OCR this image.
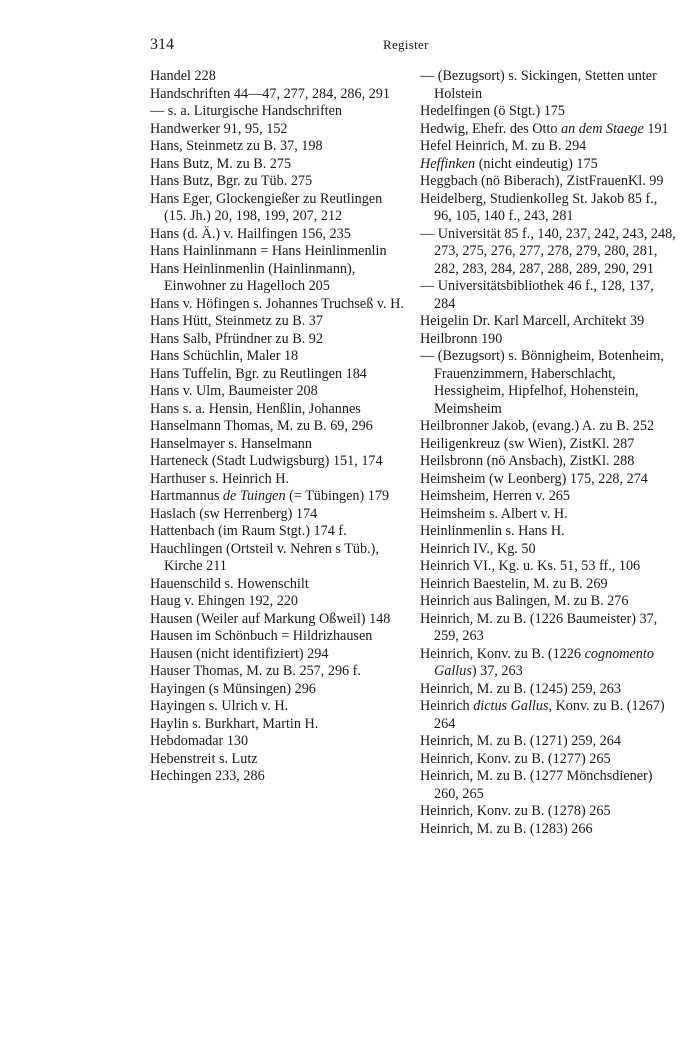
314	Register
Handel 228
Handschriften 44—47, 277, 284, 286, 291
— s. a. Liturgische Handschriften
Handwerker 91, 95, 152
Hans, Steinmetz zu B. 37, 198
Hans Butz, M. zu B. 275
Hans Butz, Bgr. zu Tüb. 275
Hans Eger, Glockengießer zu Reutlingen (15. Jh.) 20, 198, 199, 207, 212
Hans (d. Ä.) v. Hailfingen 156, 235
Hans Hainlinmann = Hans Heinlinmenlin
Hans Heinlinmenlin (Hainlinmann), Einwohner zu Hagelloch 205
Hans v. Höfingen s. Johannes Truchseß v. H.
Hans Hütt, Steinmetz zu B. 37
Hans Salb, Pfründner zu B. 92
Hans Schüchlin, Maler 18
Hans Tuffelin, Bgr. zu Reutlingen 184
Hans v. Ulm, Baumeister 208
Hans s. a. Hensin, Henßlin, Johannes
Hanselmann Thomas, M. zu B. 69, 296
Hanselmayer s. Hanselmann
Harteneck (Stadt Ludwigsburg) 151, 174
Harthuser s. Heinrich H.
Hartmannus de Tuingen (= Tübingen) 179
Haslach (sw Herrenberg) 174
Hattenbach (im Raum Stgt.) 174 f.
Hauchlingen (Ortsteil v. Nehren s Tüb.), Kirche 211
Hauenschild s. Howenschilt
Haug v. Ehingen 192, 220
Hausen (Weiler auf Markung Oßweil) 148
Hausen im Schönbuch = Hildrizhausen
Hausen (nicht identifiziert) 294
Hauser Thomas, M. zu B. 257, 296 f.
Hayingen (s Münsingen) 296
Hayingen s. Ulrich v. H.
Haylin s. Burkhart, Martin H.
Hebdomadar 130
Hebenstreit s. Lutz
Hechingen 233, 286
— (Bezugsort) s. Sickingen, Stetten unter Holstein
Hedelfingen (ö Stgt.) 175
Hedwig, Ehefr. des Otto an dem Staege 191
Hefel Heinrich, M. zu B. 294
Heffinken (nicht eindeutig) 175
Heggbach (nö Biberach), ZistFrauenKl. 99
Heidelberg, Studienkolleg St. Jakob 85 f., 96, 105, 140 f., 243, 281
— Universität 85 f., 140, 237, 242, 243, 248, 273, 275, 276, 277, 278, 279, 280, 281, 282, 283, 284, 287, 288, 289, 290, 291
— Universitätsbibliothek 46 f., 128, 137, 284
Heigelin Dr. Karl Marcell, Architekt 39
Heilbronn 190
— (Bezugsort) s. Bönnigheim, Botenheim, Frauenzimmern, Haberschlacht, Hessigheim, Hipfelhof, Hohenstein, Meimsheim
Heilbronner Jakob, (evang.) A. zu B. 252
Heiligenkreuz (sw Wien), ZistKl. 287
Heilsbronn (nö Ansbach), ZistKl. 288
Heimsheim (w Leonberg) 175, 228, 274
Heimsheim, Herren v. 265
Heimsheim s. Albert v. H.
Heinlinmenlin s. Hans H.
Heinrich IV., Kg. 50
Heinrich VI., Kg. u. Ks. 51, 53 ff., 106
Heinrich Baestelin, M. zu B. 269
Heinrich aus Balingen, M. zu B. 276
Heinrich, M. zu B. (1226 Baumeister) 37, 259, 263
Heinrich, Konv. zu B. (1226 cognomento Gallus) 37, 263
Heinrich, M. zu B. (1245) 259, 263
Heinrich dictus Gallus, Konv. zu B. (1267) 264
Heinrich, M. zu B. (1271) 259, 264
Heinrich, Konv. zu B. (1277) 265
Heinrich, M. zu B. (1277 Mönchsdiener) 260, 265
Heinrich, Konv. zu B. (1278) 265
Heinrich, M. zu B. (1283) 266
